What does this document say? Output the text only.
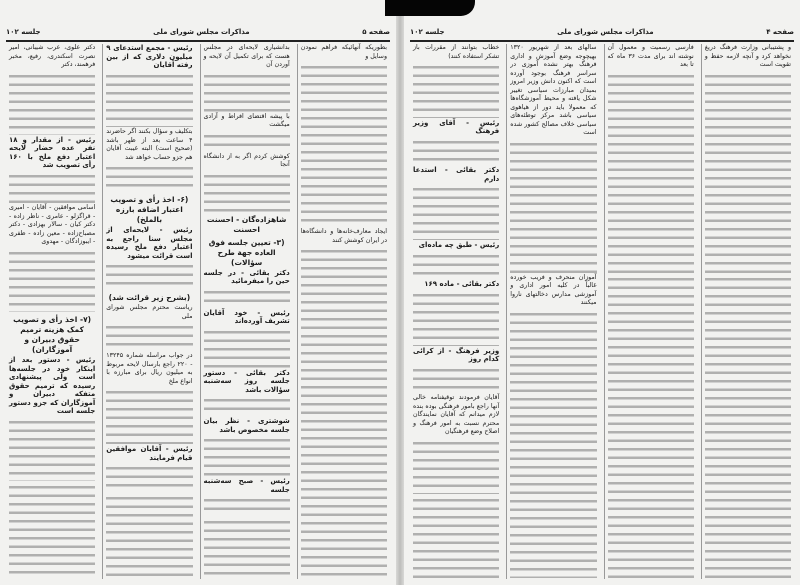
صفحه ۵
مذاکرات مجلس شورای ملی
جلسه ۱۰۲
بطوریکه آنهائیکه فراهم نمودن وسایل و
ایجاد معارف‌خانه‌ها و دانشگاه‌ها در ایران کوشش کنند
بدانشیاری لایحه‌ای در مجلس هست که برای تکمیل آن لایحه و آوردن آن
با پیشه اقتضای افراط و آزادی میگشت
کوشش کردم اگر به از دانشگاه آنجا
شاهزاده‌گان - احسنت احسنت
(۳- تعیین جلسه فوق العاده جهة طرح سؤالات)
دکتر بقائی - در جلسه حین را میفرمائید
رئیس - خود آقایان تشریف آورده‌اند
دکتر بقائی - دستور جلسه روز سه‌شنبه سؤالات باشد
شوشتری - نظر بیان جلسه مخصوص باشد
رئیس - صبح سه‌شنبه جلسه
رئیس - مجمع استدعای ۹ میلیون دلاری که از بین رفته آقایان
بتکلیف و سؤال بکنند اگر حاضرند ۴ ساعت بعد از ظهر باشد (صحیح است) البته غیبت آقایان هم جزو حساب خواهد شد
(۶- اخذ رأی و تصویب اعتبار اضافه بارزه بالملخ)
رئیس - لایحه‌ای از مجلس سنا راجع به اعتبار دفع ملخ رسیده است قرائت میشود
(بشرح زیر قرائت شد)
ریاست محترم مجلس شورای ملی
در جواب مراسله شماره ۱۳۲۴۵ - ۲۲۰ راجع بارسال لایحه مربوط به میلیون ریال برای مبارزه با انواع ملخ
رئیس - آقایان موافقین قیام فرمایند
دکتر علوی، عرب شیبانی، امیر نصرت اسکندری، رفیع، مخبر فرهمند، دکتر
رئیس - از مقدار و ۱۸ نفر عده حضار لایحه اعتبار دفع ملخ با ۱۶۰ رأی تصویب شد
اسامی موافقین - آقایان - امیری - قراگزلو - عامری - ناظر زاده - دکتر کیان - سالار بهزادی - دکتر مصباح‌زاده - معین زاده - ظفری - ایبوزادگان - مهدوی
(۷- اخذ رأی و تصویب کمک هزینه ترمیم حقوق دبیران و آموزگاران)
رئیس - دستور بعد از اینکار خود در جلسه‌ها است ولی پیشنهادی رسیده که ترمیم حقوق متفکه دبیران و آموزگاران که جزو دستور جلسه است
صفحه ۴
مذاکرات مجلس شورای ملی
جلسه ۱۰۲
و پشتیبانی وزارت فرهنگ دریغ نخواهد کرد و آنچه لازمه حفظ و تقویت است
فارسی رسمیت و معمول آن نوشته اند برای مدت ۳۶ ماه که تا بعد
سالهای بعد از شهریور ۱۳۲۰ بهیچوجه وضع آموزش و اداری فرهنگ بهتر نشده آموزی در سراسر فرهنگ بوجود آورده است که اکنون دانش وزیر امروز بمیدان مبارزات سیاسی تغییر شکل یافته و محیط آموزشگاه‌ها که معمولا باید دور از هیاهوی سیاسی باشد مرکز توطئه‌های سیاسی خلاف مصالح کشور شده است
آموزان منحرف و فریب خورده غالباً در کلیه امور اداری و آموزشی مدارس دخالتهای ناروا میکنند
خطاب بتوانند از مقررات باز تشکر استفاده کنند)
رئیس - آقای وزیر فرهنگ
دکتر بقائی - استدعا دارم
رئیس - طبق چه ماده‌ای
دکتر بقائی - ماده ۱۶۹
وزیر فرهنگ - از کرائی کدام روز
آقایان فرمودند توقیفنامه خالی آنها راجع بامور فرهنگی بوده بنده لازم میدانم که آقایان نمایندگان محترم نسبت به امور فرهنگ و اصلاح وضع فرهنگیان
